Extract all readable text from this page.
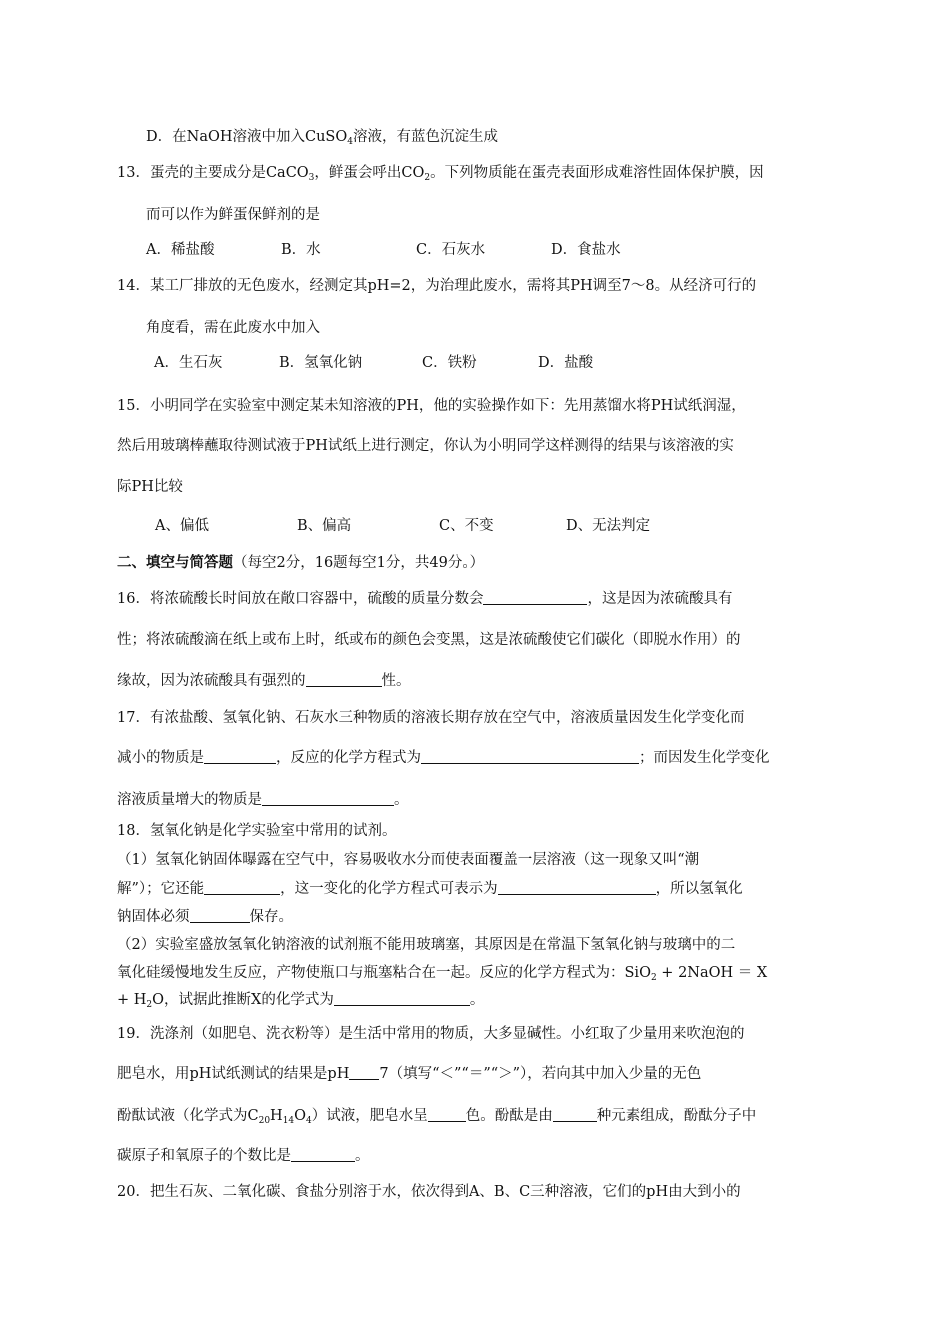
D．在NaOH溶液中加入CuSO$_4$溶液，有蓝色沉淀生成
13．蛋壳的主要成分是CaCO$_3$，鲜蛋会呼出$CO_2$。下列物质能在蛋壳表面形成难溶性固体保护膜，因
而可以作为鲜蛋保鲜剂的是
A．稀盐酸	B．水	C．石灰水	D．食盐水
14．某工厂排放的无色废水，经测定其pH=2，为治理此废水，需将其PH调至7～8。从经济可行的
角度看，需在此废水中加入
A．生石灰	B．氢氧化钠	C．铁粉	D．盐酸
15．小明同学在实验室中测定某未知溶液的PH，他的实验操作如下：先用蒸馏水将PH试纸润湿，
然后用玻璃棒蘸取待测试液于PH试纸上进行测定，你认为小明同学这样测得的结果与该溶液的实
际PH比较
A、偏低	B、偏高	C、不变	D、无法判定
二、填空与简答题（每空2分，16题每空1分，共49分。）
16．将浓硫酸长时间放在敞口容器中，硫酸的质量分数会	，这是因为浓硫酸具有
性；将浓硫酸滴在纸上或布上时，纸或布的颜色会变黑，这是浓硫酸使它们碳化（即脱水作用）的
缘故，因为浓硫酸具有强烈的	性。
17．有浓盐酸、氢氧化钠、石灰水三种物质的溶液长期存放在空气中，溶液质量因发生化学变化而
减小的物质是	，反应的化学方程式为	；而因发生化学变化
溶液质量增大的物质是	。
18．氢氧化钠是化学实验室中常用的试剂。
（1）氢氧化钠固体曝露在空气中，容易吸收水分而使表面覆盖一层溶液（这一现象又叫“潮
解”）；它还能	，这一变化的化学方程式可表示为	，所以氢氧化
钠固体必须	保存。
（2）实验室盛放氢氧化钠溶液的试剂瓶不能用玻璃塞，其原因是在常温下氢氧化钠与玻璃中的二
氧化硅缓慢地发生反应，产物使瓶口与瓶塞粘合在一起。反应的化学方程式为：SiO$_2$ + 2NaOH ＝ X
+ $H_2O$，试据此推断X的化学式为	。
19．洗涤剂（如肥皂、洗衣粉等）是生活中常用的物质，大多显碱性。小红取了少量用来吹泡泡的
肥皂水，用pH试纸测试的结果是pH 7（填写“＜”“＝”“＞”），若向其中加入少量的无色
酚酞试液（化学式为$C_{20}H_{14}O_4$）试液，肥皂水呈	色。酚酞是由	种元素组成，酚酞分子中
碳原子和氧原子的个数比是	。
20．把生石灰、二氧化碳、食盐分别溶于水，依次得到A、B、C三种溶液，它们的pH由大到小的
